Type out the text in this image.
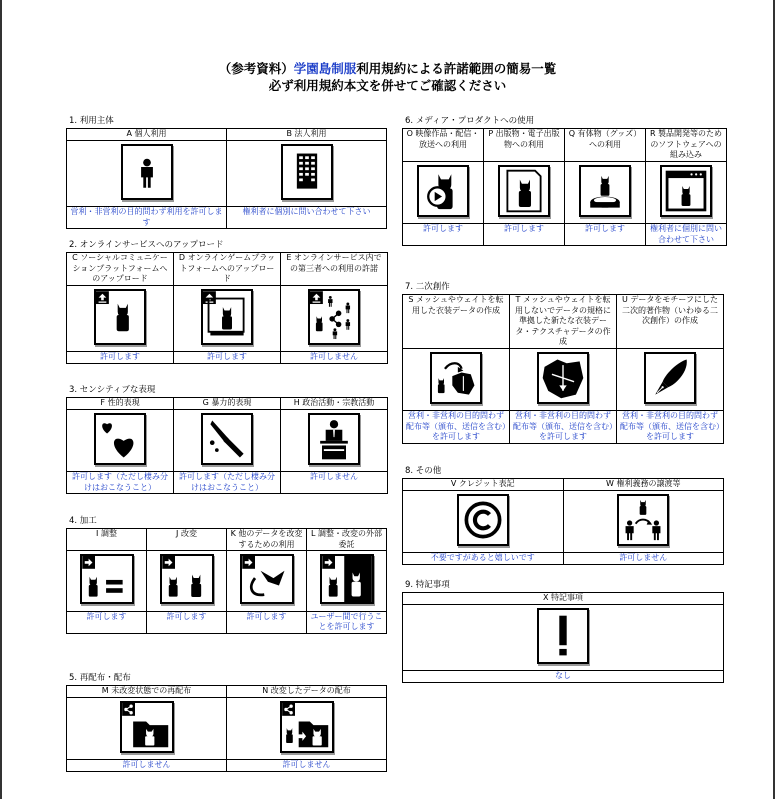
（参考資料）学園島制服利用規約による許諾範囲の簡易一覧
必ず利用規約本文を併せてご確認ください
1. 利用主体
A 個人利用	B 法人利用

営利・非営利の目的問わず利用を許可します	権利者に個別に問い合わせて下さい
2. オンラインサービスへのアップロード
C ソーシャルコミュニケーションプラットフォームへのアップロード	D オンラインゲームプラットフォームへのアップロード	E オンラインサービス内での第三者への利用の許諾

許可します	許可します	許可しません
3. センシティブな表現
F 性的表現	G 暴力的表現	H 政治活動・宗教活動

許可します（ただし棲み分けはおこなうこと）	許可します（ただし棲み分けはおこなうこと）	許可しません
4. 加工
I 調整	J 改変	K 他のデータを改変するための利用	L 調整・改変の外部委託

許可します	許可します	許可します	ユーザー間で行うことを許可します
5. 再配布・配布
M 未改変状態での再配布	N 改変したデータの配布

許可しません	許可しません
6. メディア・プロダクトへの使用
O 映像作品・配信・放送への利用	P 出版物・電子出版物への利用	Q 有体物（グッズ）への利用	R 製品開発等のためのソフトウェアへの組み込み

許可します	許可します	許可します	権利者に個別に問い合わせて下さい
7. 二次創作
S メッシュやウェイトを転用した衣装データの作成	T メッシュやウェイトを転用しないでデータの規格に準拠した新たな衣装データ・テクスチャデータの作成	U データをモチーフにした二次的著作物（いわゆる二次創作）の作成

営利・非営利の目的問わず配布等（頒布、送信を含む）を許可します	営利・非営利の目的問わず配布等（頒布、送信を含む）を許可します	営利・非営利の目的問わず配布等（頒布、送信を含む）を許可します
8. その他
V クレジット表記	W 権利義務の譲渡等

不要ですがあると嬉しいです	許可しません
9. 特記事項
X 特記事項

なし
